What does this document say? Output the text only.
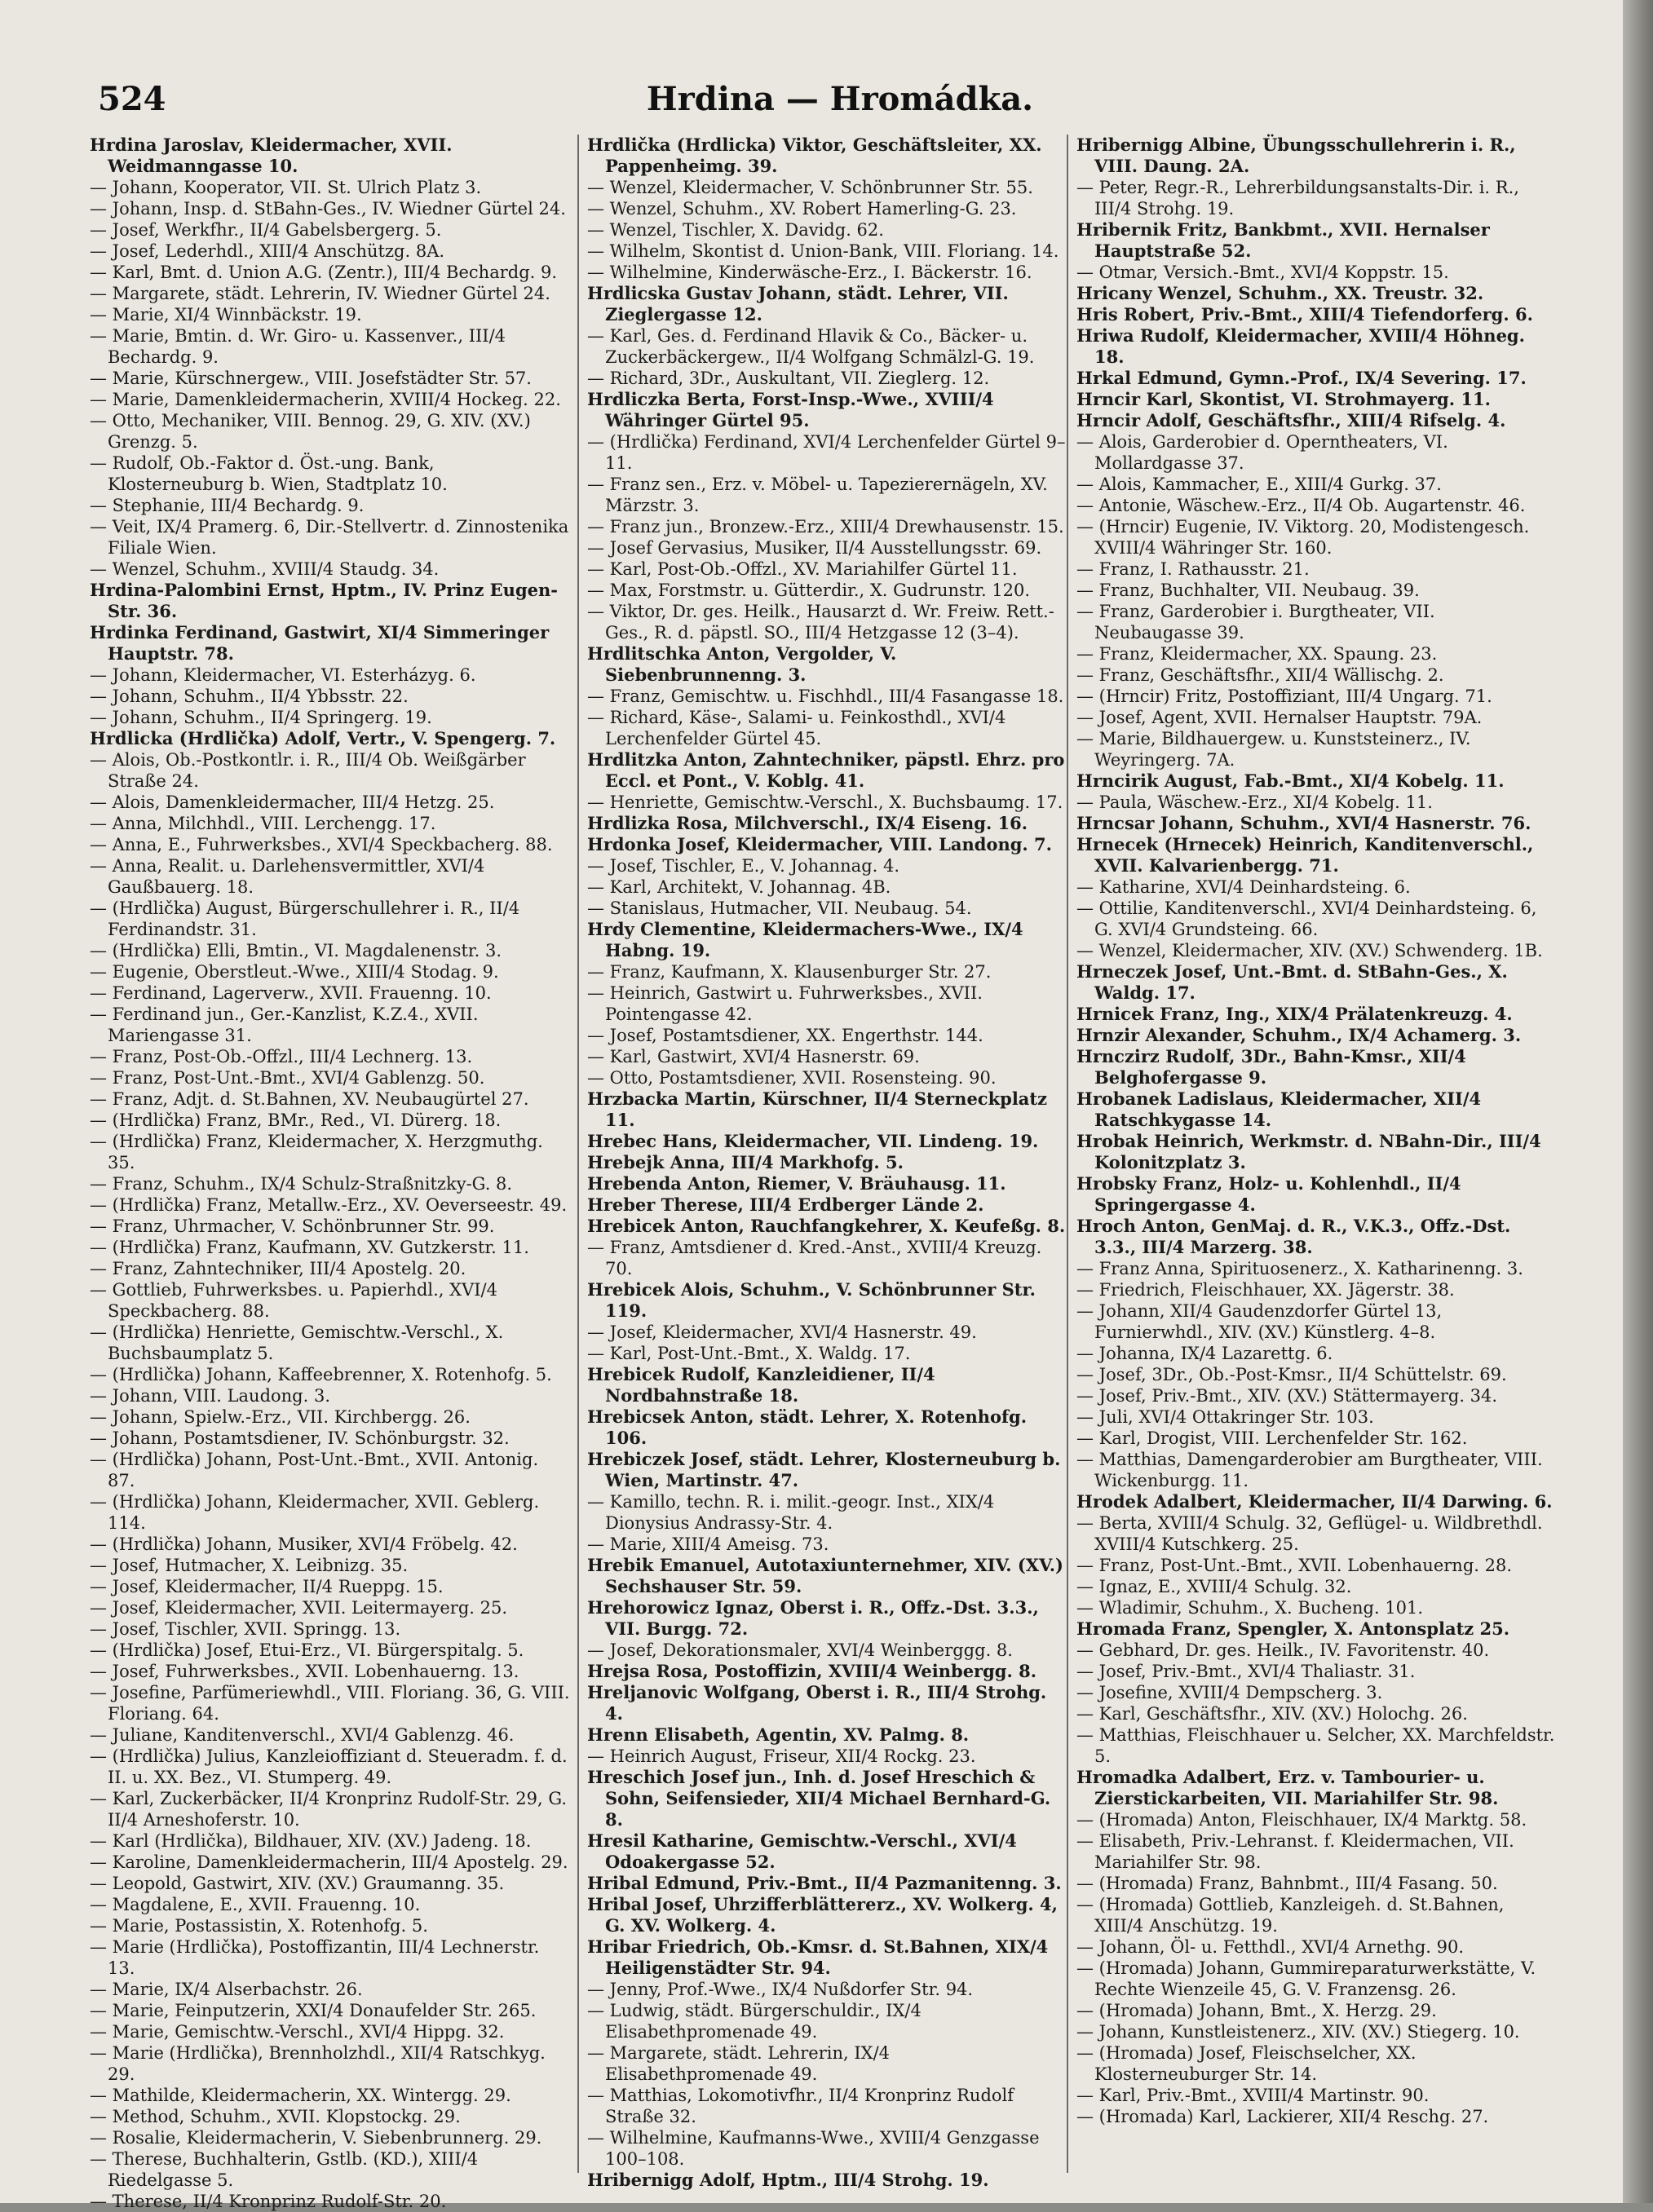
524	Hrdina — Hromádka.

Hrdina Jaroslav, Kleidermacher, XVII. Weidmanngasse 10.

— Johann, Kooperator, VII. St. Ulrich Platz 3.

— Johann, Insp. d. StBahn-Ges., IV. Wiedner Gürtel 24.

— Josef, Werkfhr., II/4 Gabelsbergerg. 5.

— Josef, Lederhdl., XIII/4 Anschützg. 8A.

— Karl, Bmt. d. Union A.G. (Zentr.), III/4 Bechardg. 9.

— Margarete, städt. Lehrerin, IV. Wiedner Gürtel 24.

— Marie, XI/4 Winnbäckstr. 19.

— Marie, Bmtin. d. Wr. Giro- u. Kassenver., III/4 Bechardg. 9.

— Marie, Kürschnergew., VIII. Josefstädter Str. 57.

— Marie, Damenkleidermacherin, XVIII/4 Hockeg. 22.

— Otto, Mechaniker, VIII. Bennog. 29, G. XIV. (XV.) Grenzg. 5.

— Rudolf, Ob.-Faktor d. Öst.-ung. Bank, Klosterneuburg b. Wien, Stadtplatz 10.

— Stephanie, III/4 Bechardg. 9.

— Veit, IX/4 Pramerg. 6, Dir.-Stellvertr. d. Zinnostenika Filiale Wien.

— Wenzel, Schuhm., XVIII/4 Staudg. 34.

Hrdina-Palombini Ernst, Hptm., IV. Prinz Eugen-Str. 36.

Hrdinka Ferdinand, Gastwirt, XI/4 Simmeringer Hauptstr. 78.

— Johann, Kleidermacher, VI. Esterházyg. 6.

— Johann, Schuhm., II/4 Ybbsstr. 22.

— Johann, Schuhm., II/4 Springerg. 19.

Hrdlicka (Hrdlička) Adolf, Vertr., V. Spengerg. 7.

— Alois, Ob.-Postkontlr. i. R., III/4 Ob. Weißgärber Straße 24.

— Alois, Damenkleidermacher, III/4 Hetzg. 25.

— Anna, Milchhdl., VIII. Lerchengg. 17.

— Anna, E., Fuhrwerksbes., XVI/4 Speckbacherg. 88.

— Anna, Realit. u. Darlehensvermittler, XVI/4 Gaußbauerg. 18.

— (Hrdlička) August, Bürgerschullehrer i. R., II/4 Ferdinandstr. 31.

— (Hrdlička) Elli, Bmtin., VI. Magdalenenstr. 3.

— Eugenie, Oberstleut.-Wwe., XIII/4 Stodag. 9.

— Ferdinand, Lagerverw., XVII. Frauenng. 10.

— Ferdinand jun., Ger.-Kanzlist, K.Z.4., XVII. Mariengasse 31.

— Franz, Post-Ob.-Offzl., III/4 Lechnerg. 13.

— Franz, Post-Unt.-Bmt., XVI/4 Gablenzg. 50.

— Franz, Adjt. d. St.Bahnen, XV. Neubaugürtel 27.

— (Hrdlička) Franz, BMr., Red., VI. Dürerg. 18.

— (Hrdlička) Franz, Kleidermacher, X. Herzgmuthg. 35.

— Franz, Schuhm., IX/4 Schulz-Straßnitzky-G. 8.

— (Hrdlička) Franz, Metallw.-Erz., XV. Oeverseestr. 49.

— Franz, Uhrmacher, V. Schönbrunner Str. 99.

— (Hrdlička) Franz, Kaufmann, XV. Gutzkerstr. 11.

— Franz, Zahntechniker, III/4 Apostelg. 20.

— Gottlieb, Fuhrwerksbes. u. Papierhdl., XVI/4 Speckbacherg. 88.

— (Hrdlička) Henriette, Gemischtw.-Verschl., X. Buchsbaumplatz 5.

— (Hrdlička) Johann, Kaffeebrenner, X. Rotenhofg. 5.

— Johann, VIII. Laudong. 3.

— Johann, Spielw.-Erz., VII. Kirchbergg. 26.

— Johann, Postamtsdiener, IV. Schönburgstr. 32.

— (Hrdlička) Johann, Post-Unt.-Bmt., XVII. Antonig. 87.

— (Hrdlička) Johann, Kleidermacher, XVII. Geblerg. 114.

— (Hrdlička) Johann, Musiker, XVI/4 Fröbelg. 42.

— Josef, Hutmacher, X. Leibnizg. 35.

— Josef, Kleidermacher, II/4 Rueppg. 15.

— Josef, Kleidermacher, XVII. Leitermayerg. 25.

— Josef, Tischler, XVII. Springg. 13.

— (Hrdlička) Josef, Etui-Erz., VI. Bürgerspitalg. 5.

— Josef, Fuhrwerksbes., XVII. Lobenhauerng. 13.

— Josefine, Parfümeriewhdl., VIII. Floriang. 36, G. VIII. Floriang. 64.

— Juliane, Kanditenverschl., XVI/4 Gablenzg. 46.

— (Hrdlička) Julius, Kanzleioffiziant d. Steueradm. f. d. II. u. XX. Bez., VI. Stumperg. 49.

— Karl, Zuckerbäcker, II/4 Kronprinz Rudolf-Str. 29, G. II/4 Arneshoferstr. 10.

— Karl (Hrdlička), Bildhauer, XIV. (XV.) Jadeng. 18.

— Karoline, Damenkleidermacherin, III/4 Apostelg. 29.

— Leopold, Gastwirt, XIV. (XV.) Graumanng. 35.

— Magdalene, E., XVII. Frauenng. 10.

— Marie, Postassistin, X. Rotenhofg. 5.

— Marie (Hrdlička), Postoffizantin, III/4 Lechnerstr. 13.

— Marie, IX/4 Alserbachstr. 26.

— Marie, Feinputzerin, XXI/4 Donaufelder Str. 265.

— Marie, Gemischtw.-Verschl., XVI/4 Hippg. 32.

— Marie (Hrdlička), Brennholzhdl., XII/4 Ratschkyg. 29.

— Mathilde, Kleidermacherin, XX. Wintergg. 29.

— Method, Schuhm., XVII. Klopstockg. 29.

— Rosalie, Kleidermacherin, V. Siebenbrunnerg. 29.

— Therese, Buchhalterin, Gstlb. (KD.), XIII/4 Riedelgasse 5.

— Therese, II/4 Kronprinz Rudolf-Str. 20.

Hrdlička (Hrdlicka) Viktor, Geschäftsleiter, XX. Pappenheimg. 39.

— Wenzel, Kleidermacher, V. Schönbrunner Str. 55.

— Wenzel, Schuhm., XV. Robert Hamerling-G. 23.

— Wenzel, Tischler, X. Davidg. 62.

— Wilhelm, Skontist d. Union-Bank, VIII. Floriang. 14.

— Wilhelmine, Kinderwäsche-Erz., I. Bäckerstr. 16.

Hrdlicska Gustav Johann, städt. Lehrer, VII. Zieglergasse 12.

— Karl, Ges. d. Ferdinand Hlavik & Co., Bäcker- u. Zuckerbäckergew., II/4 Wolfgang Schmälzl-G. 19.

— Richard, 3Dr., Auskultant, VII. Zieglerg. 12.

Hrdliczka Berta, Forst-Insp.-Wwe., XVIII/4 Währinger Gürtel 95.

— (Hrdlička) Ferdinand, XVI/4 Lerchenfelder Gürtel 9–11.

— Franz sen., Erz. v. Möbel- u. Tapezierernägeln, XV. Märzstr. 3.

— Franz jun., Bronzew.-Erz., XIII/4 Drewhausenstr. 15.

— Josef Gervasius, Musiker, II/4 Ausstellungsstr. 69.

— Karl, Post-Ob.-Offzl., XV. Mariahilfer Gürtel 11.

— Max, Forstmstr. u. Gütterdir., X. Gudrunstr. 120.

— Viktor, Dr. ges. Heilk., Hausarzt d. Wr. Freiw. Rett.-Ges., R. d. päpstl. SO., III/4 Hetzgasse 12 (3–4).

Hrdlitschka Anton, Vergolder, V. Siebenbrunnenng. 3.

— Franz, Gemischtw. u. Fischhdl., III/4 Fasangasse 18.

— Richard, Käse-, Salami- u. Feinkosthdl., XVI/4 Lerchenfelder Gürtel 45.

Hrdlitzka Anton, Zahntechniker, päpstl. Ehrz. pro Eccl. et Pont., V. Koblg. 41.

— Henriette, Gemischtw.-Verschl., X. Buchsbaumg. 17.

Hrdlizka Rosa, Milchverschl., IX/4 Eiseng. 16.

Hrdonka Josef, Kleidermacher, VIII. Landong. 7.

— Josef, Tischler, E., V. Johannag. 4.

— Karl, Architekt, V. Johannag. 4B.

— Stanislaus, Hutmacher, VII. Neubaug. 54.

Hrdy Clementine, Kleidermachers-Wwe., IX/4 Habng. 19.

— Franz, Kaufmann, X. Klausenburger Str. 27.

— Heinrich, Gastwirt u. Fuhrwerksbes., XVII. Pointengasse 42.

— Josef, Postamtsdiener, XX. Engerthstr. 144.

— Karl, Gastwirt, XVI/4 Hasnerstr. 69.

— Otto, Postamtsdiener, XVII. Rosensteing. 90.

Hrzbacka Martin, Kürschner, II/4 Sterneckplatz 11.

Hrebec Hans, Kleidermacher, VII. Lindeng. 19.

Hrebejk Anna, III/4 Markhofg. 5.

Hrebenda Anton, Riemer, V. Bräuhausg. 11.

Hreber Therese, III/4 Erdberger Lände 2.

Hrebicek Anton, Rauchfangkehrer, X. Keufeßg. 8.

— Franz, Amtsdiener d. Kred.-Anst., XVIII/4 Kreuzg. 70.

Hrebicek Alois, Schuhm., V. Schönbrunner Str. 119.

— Josef, Kleidermacher, XVI/4 Hasnerstr. 49.

— Karl, Post-Unt.-Bmt., X. Waldg. 17.

Hrebicek Rudolf, Kanzleidiener, II/4 Nordbahnstraße 18.

Hrebicsek Anton, städt. Lehrer, X. Rotenhofg. 106.

Hrebiczek Josef, städt. Lehrer, Klosterneuburg b. Wien, Martinstr. 47.

— Kamillo, techn. R. i. milit.-geogr. Inst., XIX/4 Dionysius Andrassy-Str. 4.

— Marie, XIII/4 Ameisg. 73.

Hrebik Emanuel, Autotaxiunternehmer, XIV. (XV.) Sechshauser Str. 59.

Hrehorowicz Ignaz, Oberst i. R., Offz.-Dst. 3.3., VII. Burgg. 72.

— Josef, Dekorationsmaler, XVI/4 Weinberggg. 8.

Hrejsa Rosa, Postoffizin, XVIII/4 Weinbergg. 8.

Hreljanovic Wolfgang, Oberst i. R., III/4 Strohg. 4.

Hrenn Elisabeth, Agentin, XV. Palmg. 8.

— Heinrich August, Friseur, XII/4 Rockg. 23.

Hreschich Josef jun., Inh. d. Josef Hreschich & Sohn, Seifensieder, XII/4 Michael Bernhard-G. 8.

Hresil Katharine, Gemischtw.-Verschl., XVI/4 Odoakergasse 52.

Hribal Edmund, Priv.-Bmt., II/4 Pazmanitenng. 3.

Hribal Josef, Uhrzifferblättererz., XV. Wolkerg. 4, G. XV. Wolkerg. 4.

Hribar Friedrich, Ob.-Kmsr. d. St.Bahnen, XIX/4 Heiligenstädter Str. 94.

— Jenny, Prof.-Wwe., IX/4 Nußdorfer Str. 94.

— Ludwig, städt. Bürgerschuldir., IX/4 Elisabethpromenade 49.

— Margarete, städt. Lehrerin, IX/4 Elisabethpromenade 49.

— Matthias, Lokomotivfhr., II/4 Kronprinz Rudolf Straße 32.

— Wilhelmine, Kaufmanns-Wwe., XVIII/4 Genzgasse 100–108.

Hribernigg Adolf, Hptm., III/4 Strohg. 19.

Hribernigg Albine, Übungsschullehrerin i. R., VIII. Daung. 2A.

— Peter, Regr.-R., Lehrerbildungsanstalts-Dir. i. R., III/4 Strohg. 19.

Hribernik Fritz, Bankbmt., XVII. Hernalser Hauptstraße 52.

— Otmar, Versich.-Bmt., XVI/4 Koppstr. 15.

Hricany Wenzel, Schuhm., XX. Treustr. 32.

Hris Robert, Priv.-Bmt., XIII/4 Tiefendorferg. 6.

Hriwa Rudolf, Kleidermacher, XVIII/4 Höhneg. 18.

Hrkal Edmund, Gymn.-Prof., IX/4 Severing. 17.

Hrncir Karl, Skontist, VI. Strohmayerg. 11.

Hrncir Adolf, Geschäftsfhr., XIII/4 Rifselg. 4.

— Alois, Garderobier d. Operntheaters, VI. Mollardgasse 37.

— Alois, Kammacher, E., XIII/4 Gurkg. 37.

— Antonie, Wäschew.-Erz., II/4 Ob. Augartenstr. 46.

— (Hrncir) Eugenie, IV. Viktorg. 20, Modistengesch. XVIII/4 Währinger Str. 160.

— Franz, I. Rathausstr. 21.

— Franz, Buchhalter, VII. Neubaug. 39.

— Franz, Garderobier i. Burgtheater, VII. Neubaugasse 39.

— Franz, Kleidermacher, XX. Spaung. 23.

— Franz, Geschäftsfhr., XII/4 Wällischg. 2.

— (Hrncir) Fritz, Postoffiziant, III/4 Ungarg. 71.

— Josef, Agent, XVII. Hernalser Hauptstr. 79A.

— Marie, Bildhauergew. u. Kunststeinerz., IV. Weyringerg. 7A.

Hrncirik August, Fab.-Bmt., XI/4 Kobelg. 11.

— Paula, Wäschew.-Erz., XI/4 Kobelg. 11.

Hrncsar Johann, Schuhm., XVI/4 Hasnerstr. 76.

Hrnecek (Hrnecek) Heinrich, Kanditenverschl., XVII. Kalvarienbergg. 71.

— Katharine, XVI/4 Deinhardsteing. 6.

— Ottilie, Kanditenverschl., XVI/4 Deinhardsteing. 6, G. XVI/4 Grundsteing. 66.

— Wenzel, Kleidermacher, XIV. (XV.) Schwenderg. 1B.

Hrneczek Josef, Unt.-Bmt. d. StBahn-Ges., X. Waldg. 17.

Hrnicek Franz, Ing., XIX/4 Prälatenkreuzg. 4.

Hrnzir Alexander, Schuhm., IX/4 Achamerg. 3.

Hrnczirz Rudolf, 3Dr., Bahn-Kmsr., XII/4 Belghofergasse 9.

Hrobanek Ladislaus, Kleidermacher, XII/4 Ratschkygasse 14.

Hrobak Heinrich, Werkmstr. d. NBahn-Dir., III/4 Kolonitzplatz 3.

Hrobsky Franz, Holz- u. Kohlenhdl., II/4 Springergasse 4.

Hroch Anton, GenMaj. d. R., V.K.3., Offz.-Dst. 3.3., III/4 Marzerg. 38.

— Franz Anna, Spirituosenerz., X. Katharinenng. 3.

— Friedrich, Fleischhauer, XX. Jägerstr. 38.

— Johann, XII/4 Gaudenzdorfer Gürtel 13, Furnierwhdl., XIV. (XV.) Künstlerg. 4–8.

— Johanna, IX/4 Lazarettg. 6.

— Josef, 3Dr., Ob.-Post-Kmsr., II/4 Schüttelstr. 69.

— Josef, Priv.-Bmt., XIV. (XV.) Stättermayerg. 34.

— Juli, XVI/4 Ottakringer Str. 103.

— Karl, Drogist, VIII. Lerchenfelder Str. 162.

— Matthias, Damengarderobier am Burgtheater, VIII. Wickenburgg. 11.

Hrodek Adalbert, Kleidermacher, II/4 Darwing. 6.

— Berta, XVIII/4 Schulg. 32, Geflügel- u. Wildbrethdl. XVIII/4 Kutschkerg. 25.

— Franz, Post-Unt.-Bmt., XVII. Lobenhauerng. 28.

— Ignaz, E., XVIII/4 Schulg. 32.

— Wladimir, Schuhm., X. Bucheng. 101.

Hromada Franz, Spengler, X. Antonsplatz 25.

— Gebhard, Dr. ges. Heilk., IV. Favoritenstr. 40.

— Josef, Priv.-Bmt., XVI/4 Thaliastr. 31.

— Josefine, XVIII/4 Dempscherg. 3.

— Karl, Geschäftsfhr., XIV. (XV.) Holochg. 26.

— Matthias, Fleischhauer u. Selcher, XX. Marchfeldstr. 5.

Hromadka Adalbert, Erz. v. Tambourier- u. Zierstickarbeiten, VII. Mariahilfer Str. 98.

— (Hromada) Anton, Fleischhauer, IX/4 Marktg. 58.

— Elisabeth, Priv.-Lehranst. f. Kleidermachen, VII. Mariahilfer Str. 98.

— (Hromada) Franz, Bahnbmt., III/4 Fasang. 50.

— (Hromada) Gottlieb, Kanzleigeh. d. St.Bahnen, XIII/4 Anschützg. 19.

— Johann, Öl- u. Fetthdl., XVI/4 Arnethg. 90.

— (Hromada) Johann, Gummireparaturwerkstätte, V. Rechte Wienzeile 45, G. V. Franzensg. 26.

— (Hromada) Johann, Bmt., X. Herzg. 29.

— Johann, Kunstleistenerz., XIV. (XV.) Stiegerg. 10.

— (Hromada) Josef, Fleischselcher, XX. Klosterneuburger Str. 14.

— Karl, Priv.-Bmt., XVIII/4 Martinstr. 90.

— (Hromada) Karl, Lackierer, XII/4 Reschg. 27.
